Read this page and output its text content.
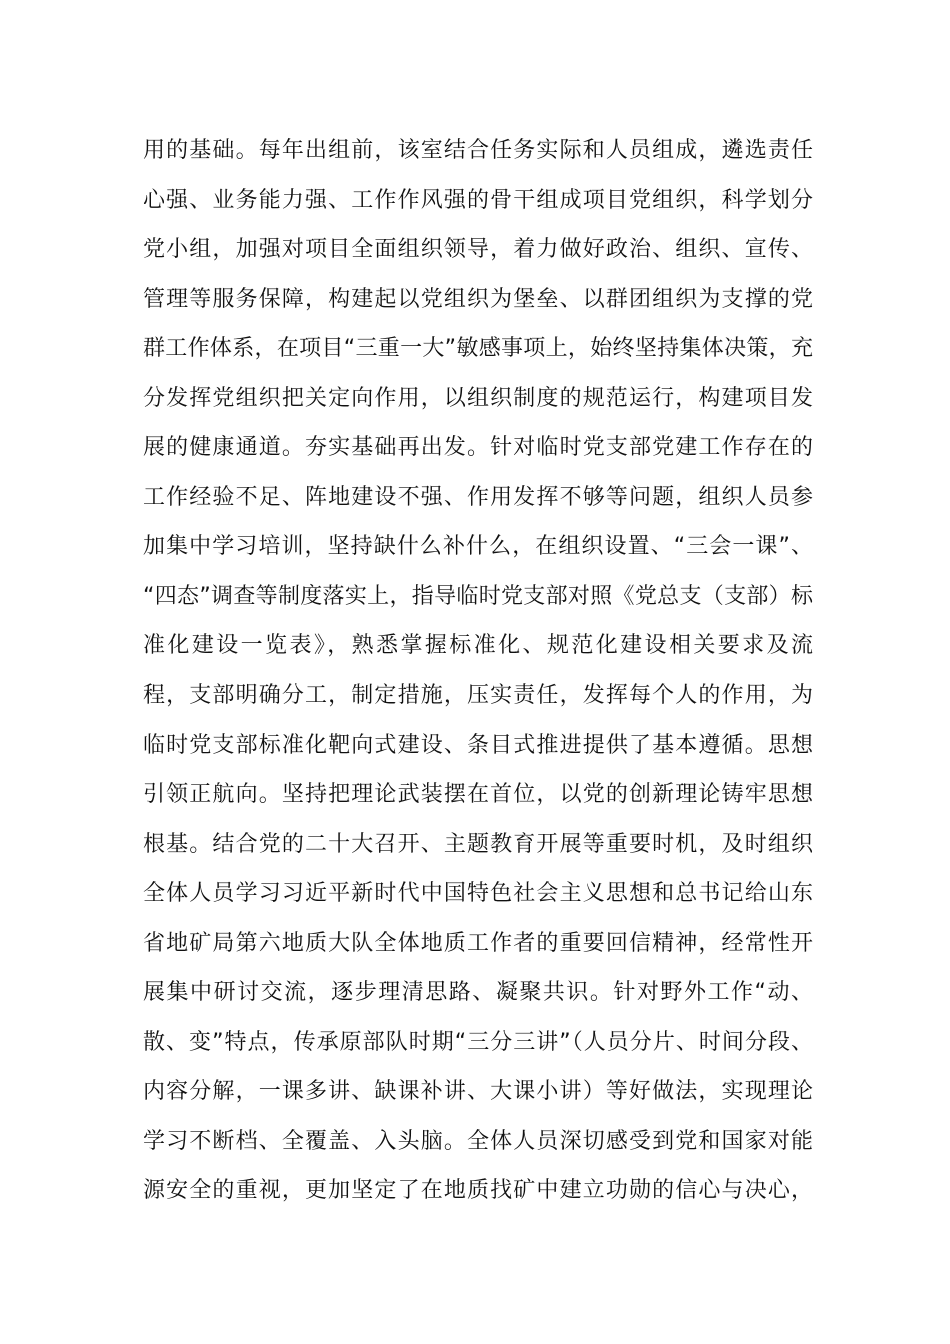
用的基础。每年出组前，该室结合任务实际和人员组成，遴选责任
心强、业务能力强、工作作风强的骨干组成项目党组织，科学划分
党小组，加强对项目全面组织领导，着力做好政治、组织、宣传、
管理等服务保障，构建起以党组织为堡垒、以群团组织为支撑的党
群工作体系，在项目“三重一大”敏感事项上，始终坚持集体决策，充
分发挥党组织把关定向作用，以组织制度的规范运行，构建项目发
展的健康通道。夯实基础再出发。针对临时党支部党建工作存在的
工作经验不足、阵地建设不强、作用发挥不够等问题，组织人员参
加集中学习培训，坚持缺什么补什么，在组织设置、“三会一课”、
“四态”调查等制度落实上，指导临时党支部对照《党总支（支部）标
准化建设一览表》，熟悉掌握标准化、规范化建设相关要求及流
程，支部明确分工，制定措施，压实责任，发挥每个人的作用，为
临时党支部标准化靶向式建设、条目式推进提供了基本遵循。思想
引领正航向。坚持把理论武装摆在首位，以党的创新理论铸牢思想
根基。结合党的二十大召开、主题教育开展等重要时机，及时组织
全体人员学习习近平新时代中国特色社会主义思想和总书记给山东
省地矿局第六地质大队全体地质工作者的重要回信精神，经常性开
展集中研讨交流，逐步理清思路、凝聚共识。针对野外工作“动、
散、变”特点，传承原部队时期“三分三讲”（人员分片、时间分段、
内容分解，一课多讲、缺课补讲、大课小讲）等好做法，实现理论
学习不断档、全覆盖、入头脑。全体人员深切感受到党和国家对能
源安全的重视，更加坚定了在地质找矿中建立功勋的信心与决心，
